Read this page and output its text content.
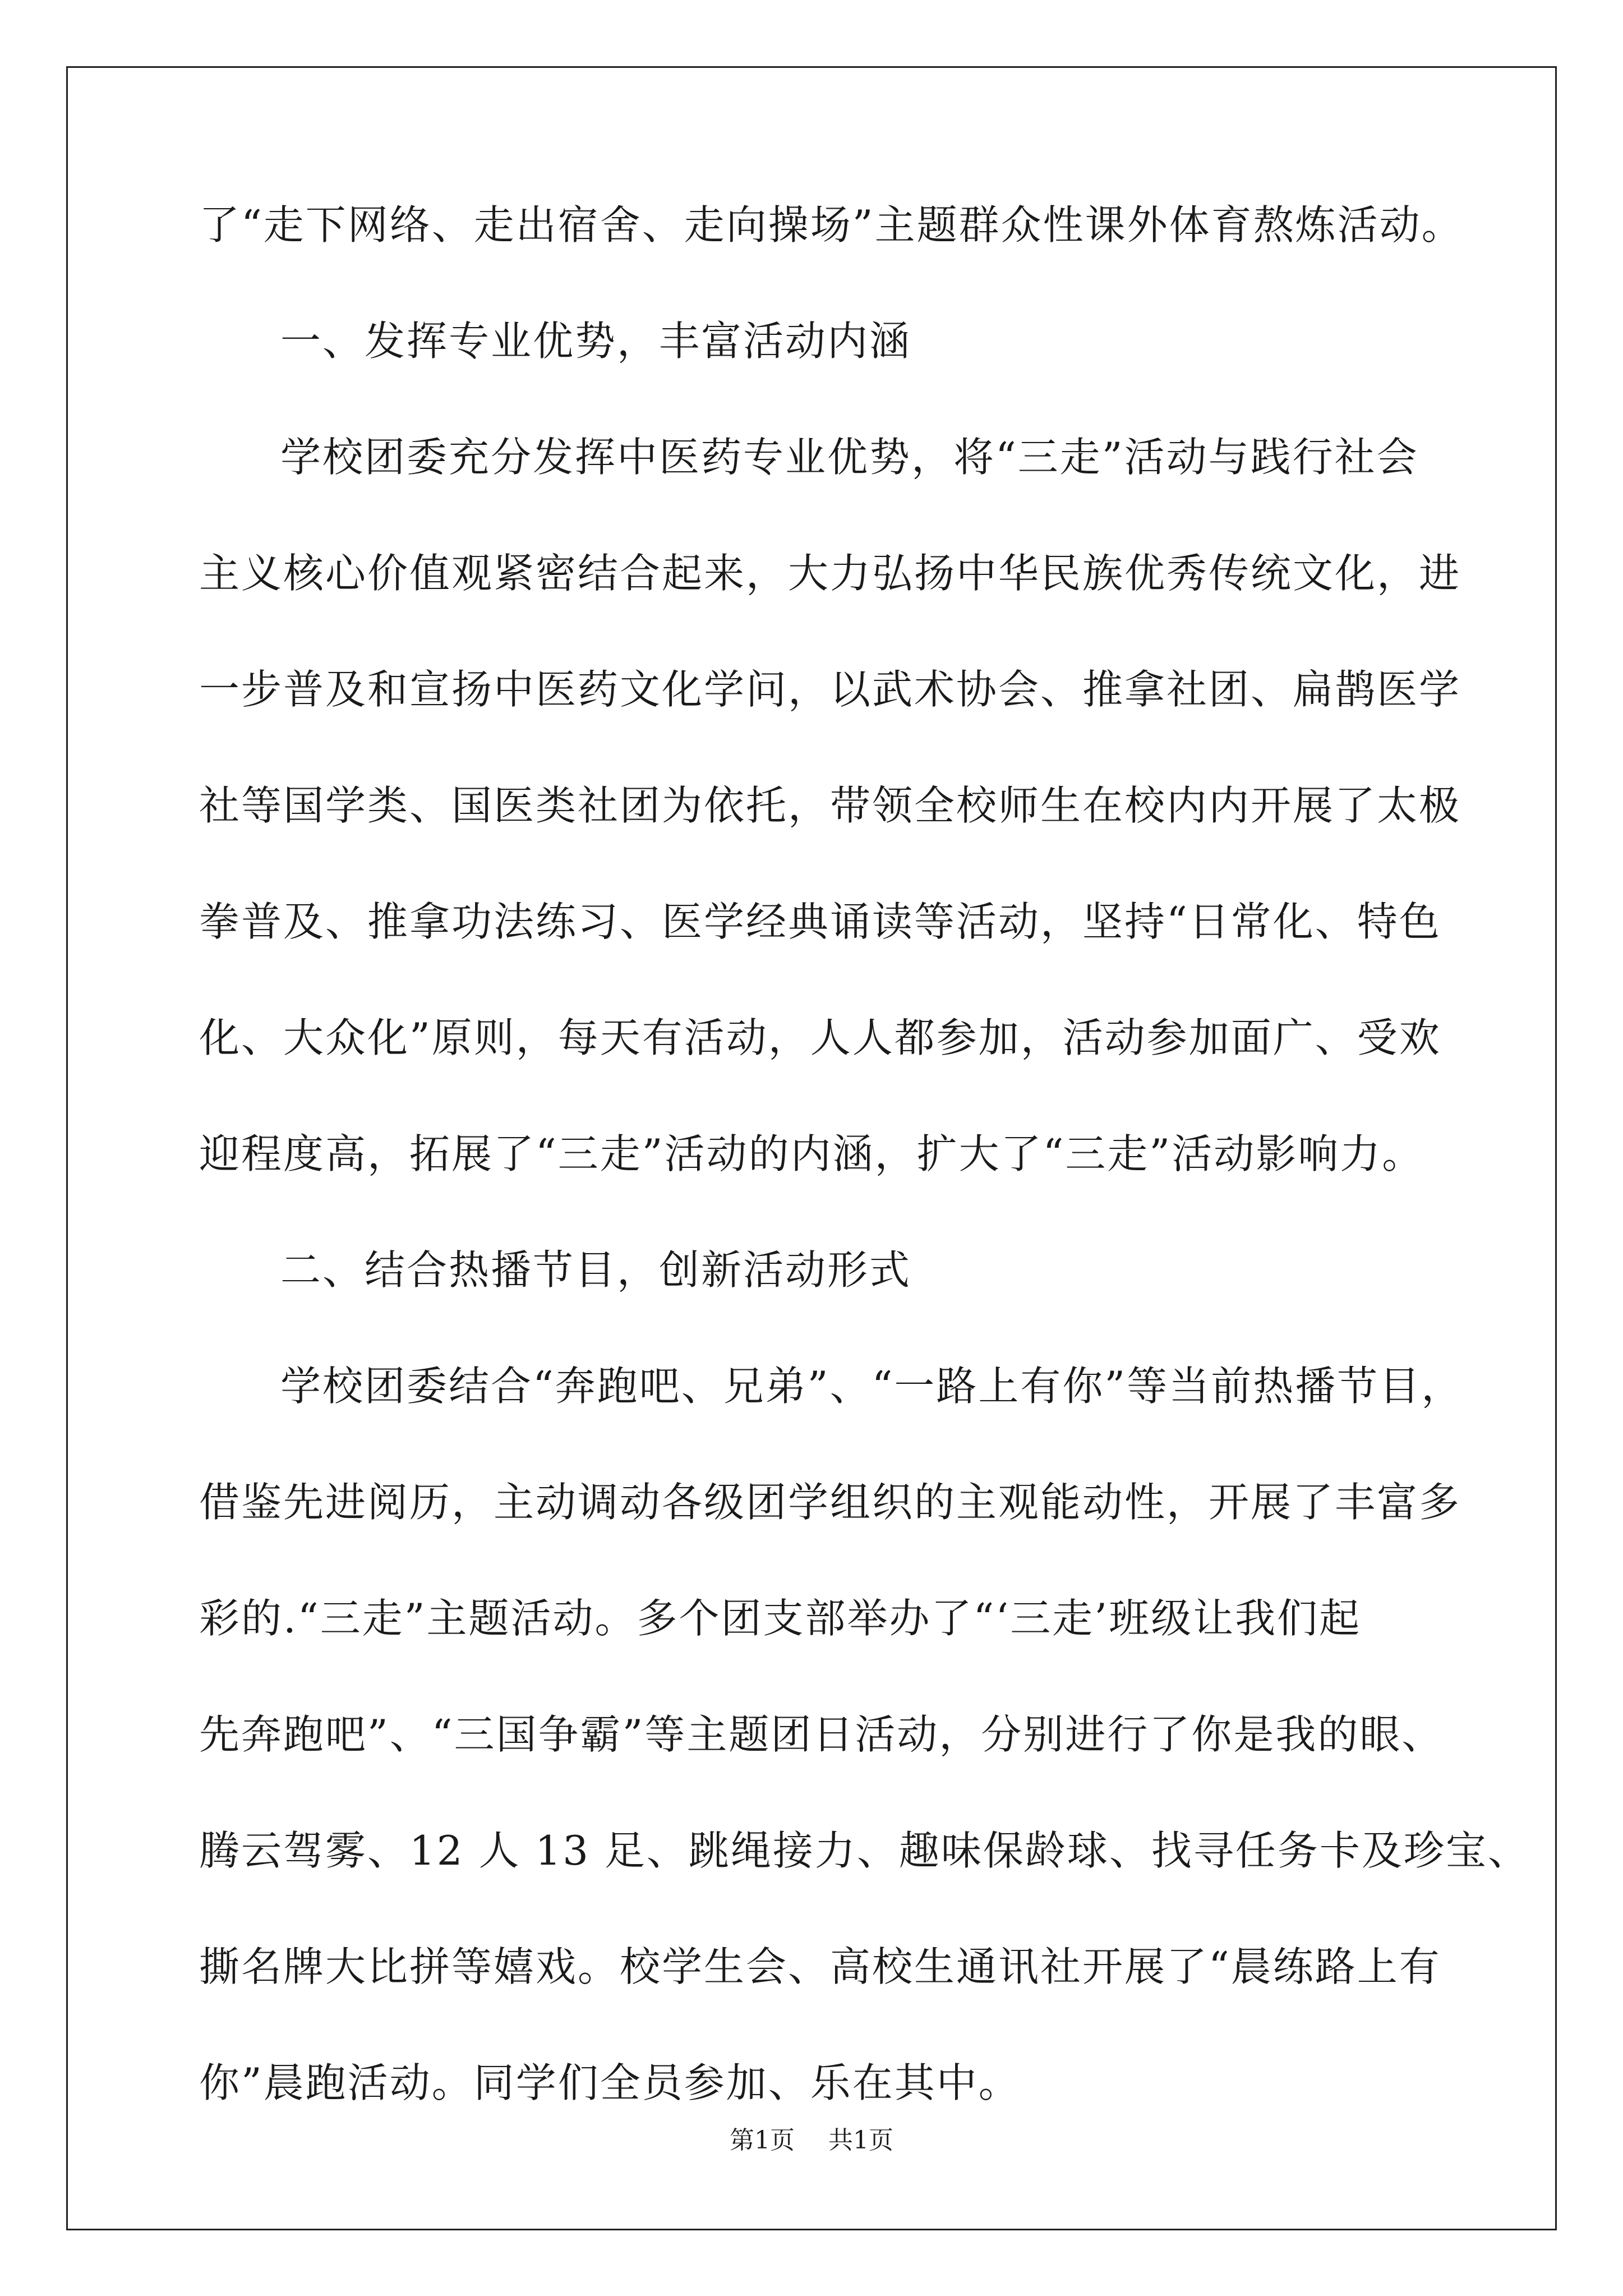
了“走下网络、走出宿舍、走向操场”主题群众性课外体育熬炼活动。
一、发挥专业优势，丰富活动内涵
学校团委充分发挥中医药专业优势，将“三走”活动与践行社会
主义核心价值观紧密结合起来，大力弘扬中华民族优秀传统文化，进
一步普及和宣扬中医药文化学问，以武术协会、推拿社团、扁鹊医学
社等国学类、国医类社团为依托，带领全校师生在校内内开展了太极
拳普及、推拿功法练习、医学经典诵读等活动，坚持“日常化、特色
化、大众化”原则，每天有活动，人人都参加，活动参加面广、受欢
迎程度高，拓展了“三走”活动的内涵，扩大了“三走”活动影响力。
二、结合热播节目，创新活动形式
学校团委结合“奔跑吧、兄弟”、“一路上有你”等当前热播节目，
借鉴先进阅历，主动调动各级团学组织的主观能动性，开展了丰富多
彩的.“三走”主题活动。多个团支部举办了“‘三走’班级让我们起
先奔跑吧”、“三国争霸”等主题团日活动，分别进行了你是我的眼、
腾云驾雾、12 人 13 足、跳绳接力、趣味保龄球、找寻任务卡及珍宝、
撕名牌大比拼等嬉戏。校学生会、高校生通讯社开展了“晨练路上有
你”晨跑活动。同学们全员参加、乐在其中。
第1页 共1页
